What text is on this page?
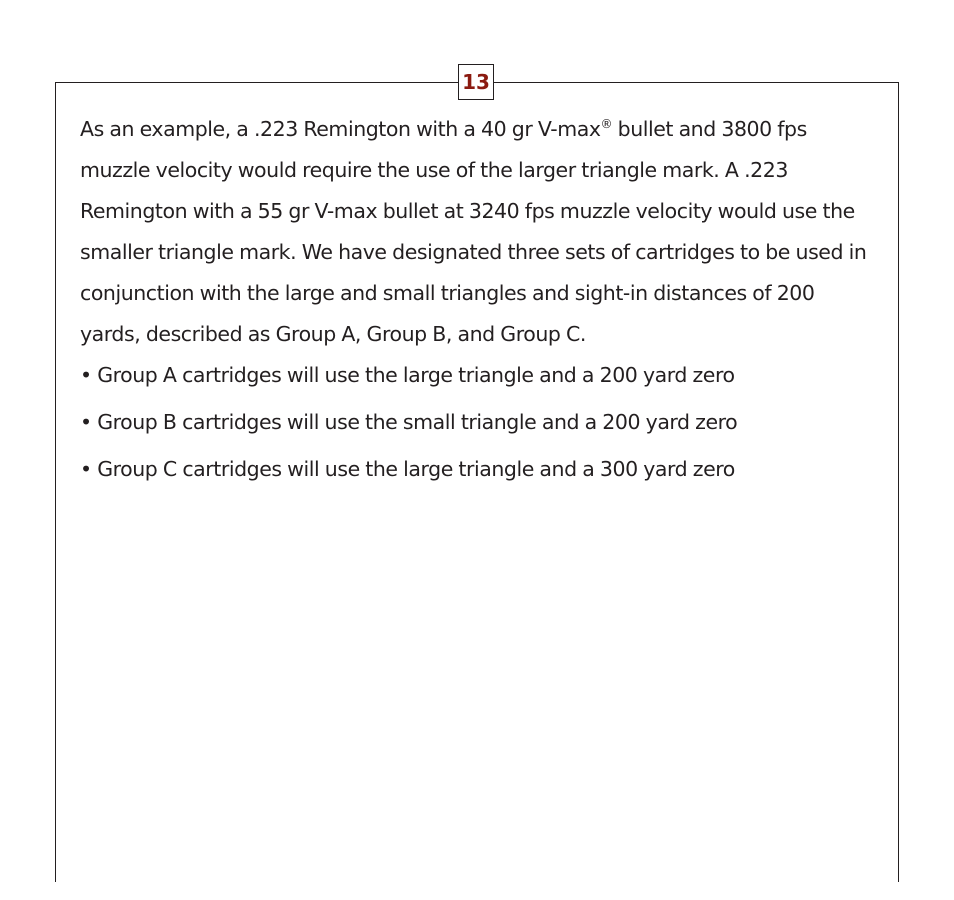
13

As an example, a .223 Remington with a 40 gr V-max® bullet and 3800 fps muzzle velocity would require the use of the larger triangle mark. A .223 Remington with a 55 gr V-max bullet at 3240 fps muzzle velocity would use the smaller triangle mark. We have designated three sets of cartridges to be used in conjunction with the large and small triangles and sight-in distances of 200 yards, described as Group A, Group B, and Group C.

• Group A cartridges will use the large triangle and a 200 yard zero
• Group B cartridges will use the small triangle and a 200 yard zero
• Group C cartridges will use the large triangle and a 300 yard zero
